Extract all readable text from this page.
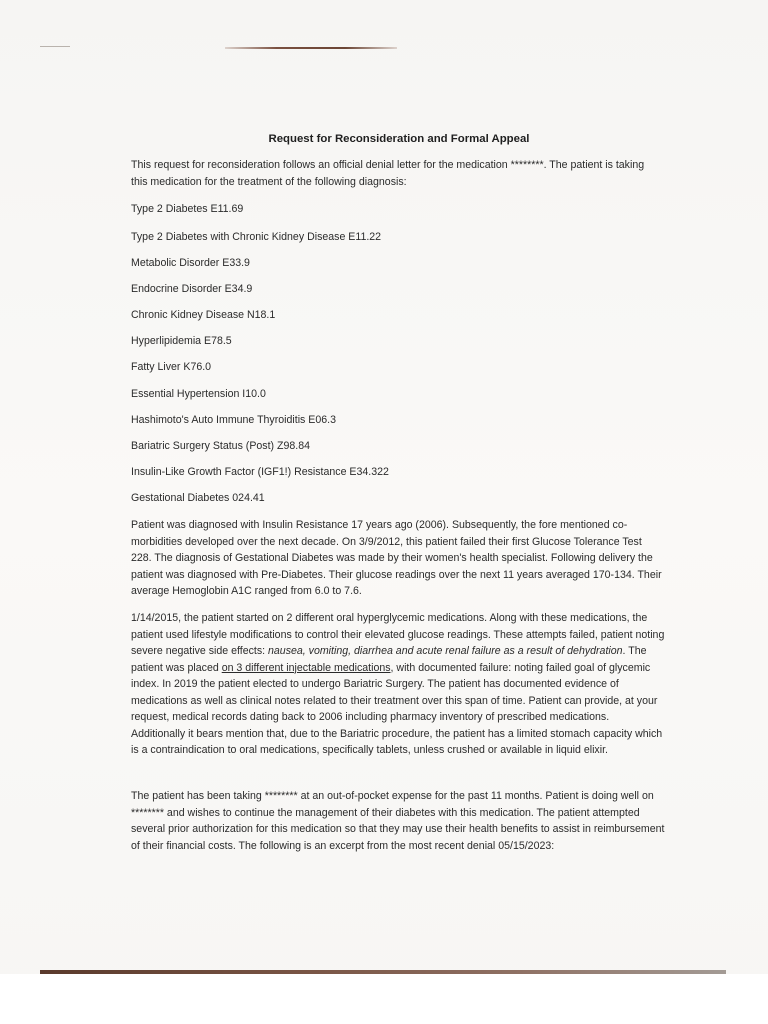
Request for Reconsideration and Formal Appeal

This request for reconsideration follows an official denial letter for the medication ********. The patient is taking this medication for the treatment of the following diagnosis:

Type 2 Diabetes E11.69

Type 2 Diabetes with Chronic Kidney Disease E11.22

Metabolic Disorder E33.9

Endocrine Disorder E34.9

Chronic Kidney Disease N18.1

Hyperlipidemia E78.5

Fatty Liver K76.0

Essential Hypertension I10.0

Hashimoto's Auto Immune Thyroiditis E06.3

Bariatric Surgery Status (Post) Z98.84

Insulin-Like Growth Factor (IGF1!) Resistance E34.322

Gestational Diabetes 024.41

Patient was diagnosed with Insulin Resistance 17 years ago (2006). Subsequently, the fore mentioned co-morbidities developed over the next decade. On 3/9/2012, this patient failed their first Glucose Tolerance Test 228. The diagnosis of Gestational Diabetes was made by their women's health specialist. Following delivery the patient was diagnosed with Pre-Diabetes. Their glucose readings over the next 11 years averaged 170-134. Their average Hemoglobin A1C ranged from 6.0 to 7.6.

1/14/2015, the patient started on 2 different oral hyperglycemic medications. Along with these medications, the patient used lifestyle modifications to control their elevated glucose readings. These attempts failed, patient noting severe negative side effects: nausea, vomiting, diarrhea and acute renal failure as a result of dehydration. The patient was placed on 3 different injectable medications, with documented failure: noting failed goal of glycemic index. In 2019 the patient elected to undergo Bariatric Surgery. The patient has documented evidence of medications as well as clinical notes related to their treatment over this span of time. Patient can provide, at your request, medical records dating back to 2006 including pharmacy inventory of prescribed medications. Additionally it bears mention that, due to the Bariatric procedure, the patient has a limited stomach capacity which is a contraindication to oral medications, specifically tablets, unless crushed or available in liquid elixir.

The patient has been taking ******** at an out-of-pocket expense for the past 11 months. Patient is doing well on ******** and wishes to continue the management of their diabetes with this medication. The patient attempted several prior authorization for this medication so that they may use their health benefits to assist in reimbursement of their financial costs. The following is an excerpt from the most recent denial 05/15/2023:
